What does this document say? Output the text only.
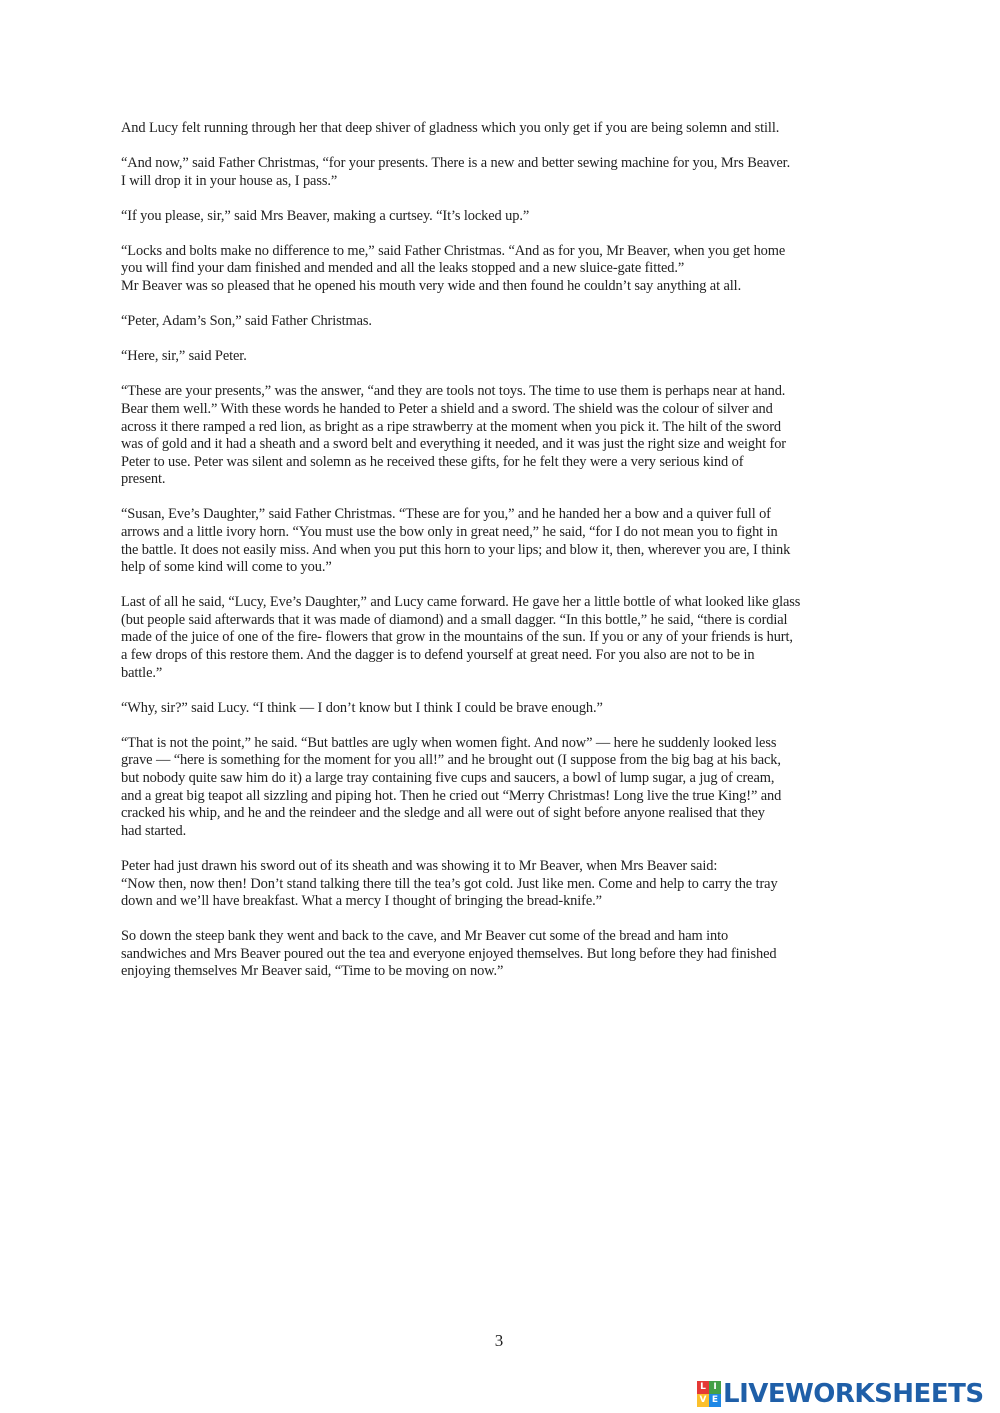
And Lucy felt running through her that deep shiver of gladness which you only get if you are being solemn and still.

“And now,” said Father Christmas, “for your presents. There is a new and better sewing machine for you, Mrs Beaver.
I will drop it in your house as, I pass.”

“If you please, sir,” said Mrs Beaver, making a curtsey. “It’s locked up.”

“Locks and bolts make no difference to me,” said Father Christmas. “And as for you, Mr Beaver, when you get home
you will find your dam finished and mended and all the leaks stopped and a new sluice-gate fitted.”
Mr Beaver was so pleased that he opened his mouth very wide and then found he couldn’t say anything at all.

“Peter, Adam’s Son,” said Father Christmas.

“Here, sir,” said Peter.

“These are your presents,” was the answer, “and they are tools not toys. The time to use them is perhaps near at hand.
Bear them well.” With these words he handed to Peter a shield and a sword. The shield was the colour of silver and
across it there ramped a red lion, as bright as a ripe strawberry at the moment when you pick it. The hilt of the sword
was of gold and it had a sheath and a sword belt and everything it needed, and it was just the right size and weight for
Peter to use. Peter was silent and solemn as he received these gifts, for he felt they were a very serious kind of
present.

“Susan, Eve’s Daughter,” said Father Christmas. “These are for you,” and he handed her a bow and a quiver full of
arrows and a little ivory horn. “You must use the bow only in great need,” he said, “for I do not mean you to fight in
the battle. It does not easily miss. And when you put this horn to your lips; and blow it, then, wherever you are, I think
help of some kind will come to you.”

Last of all he said, “Lucy, Eve’s Daughter,” and Lucy came forward. He gave her a little bottle of what looked like glass
(but people said afterwards that it was made of diamond) and a small dagger. “In this bottle,” he said, “there is cordial
made of the juice of one of the fire- flowers that grow in the mountains of the sun. If you or any of your friends is hurt,
a few drops of this restore them. And the dagger is to defend yourself at great need. For you also are not to be in
battle.”

“Why, sir?” said Lucy. “I think — I don’t know but I think I could be brave enough.”

“That is not the point,” he said. “But battles are ugly when women fight. And now” — here he suddenly looked less
grave — “here is something for the moment for you all!” and he brought out (I suppose from the big bag at his back,
but nobody quite saw him do it) a large tray containing five cups and saucers, a bowl of lump sugar, a jug of cream,
and a great big teapot all sizzling and piping hot. Then he cried out “Merry Christmas! Long live the true King!” and
cracked his whip, and he and the reindeer and the sledge and all were out of sight before anyone realised that they
had started.

Peter had just drawn his sword out of its sheath and was showing it to Mr Beaver, when Mrs Beaver said:
“Now then, now then! Don’t stand talking there till the tea’s got cold. Just like men. Come and help to carry the tray
down and we’ll have breakfast. What a mercy I thought of bringing the bread-knife.”

So down the steep bank they went and back to the cave, and Mr Beaver cut some of the bread and ham into
sandwiches and Mrs Beaver poured out the tea and everyone enjoyed themselves. But long before they had finished
enjoying themselves Mr Beaver said, “Time to be moving on now.”

3
L I
V E LIVEWORKSHEETS
